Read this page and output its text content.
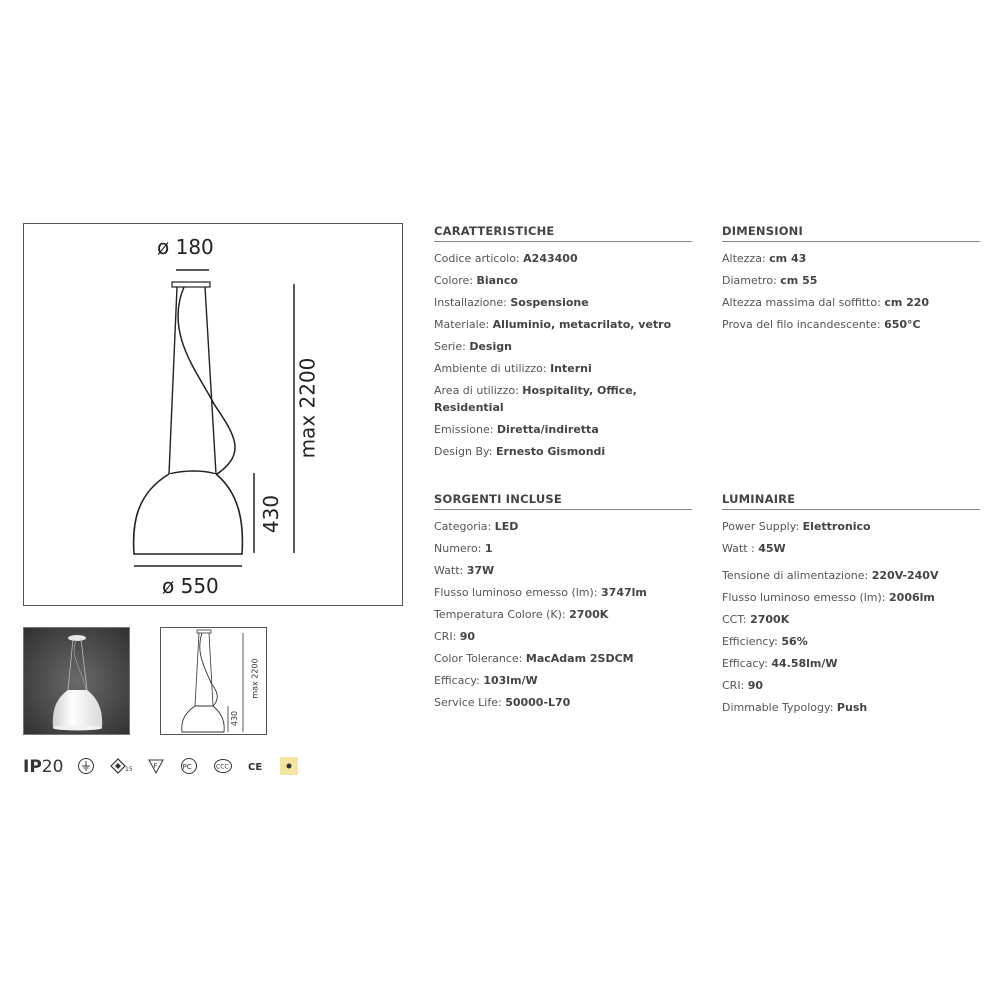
ø 180
ø 550
430
max 2200
430
max 2200
IP20	15	F	PC	CCC CE
CARATTERISTICHE
Codice articolo: A243400
Colore: Bianco
Installazione: Sospensione
Materiale: Alluminio, metacrilato, vetro
Serie: Design
Ambiente di utilizzo: Interni
Area di utilizzo: Hospitality, Office, Residential
Emissione: Diretta/indiretta
Design By: Ernesto Gismondi
DIMENSIONI
Altezza: cm 43
Diametro: cm 55
Altezza massima dal soffitto: cm 220
Prova del filo incandescente: 650°C
SORGENTI INCLUSE
Categoria: LED
Numero: 1
Watt: 37W
Flusso luminoso emesso (lm): 3747lm
Temperatura Colore (K): 2700K
CRI: 90
Color Tolerance: MacAdam 2SDCM
Efficacy: 103lm/W
Service Life: 50000-L70
LUMINAIRE
Power Supply: Elettronico
Watt : 45W
Tensione di alimentazione: 220V-240V
Flusso luminoso emesso (lm): 2006lm
CCT: 2700K
Efficiency: 56%
Efficacy: 44.58lm/W
CRI: 90
Dimmable Typology: Push
